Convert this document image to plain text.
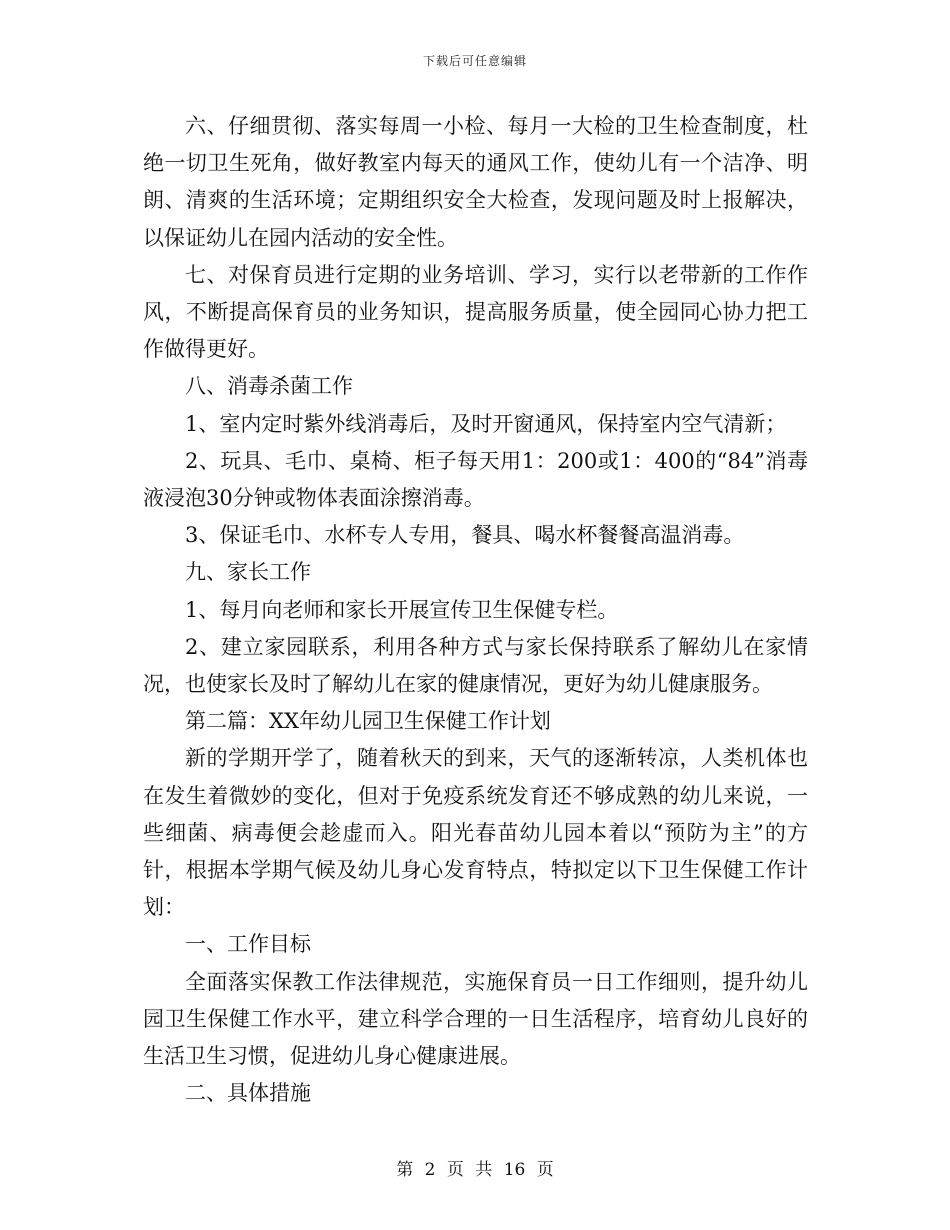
下载后可任意编辑

六、仔细贯彻、落实每周一小检、每月一大检的卫生检查制度，杜绝一切卫生死角，做好教室内每天的通风工作，使幼儿有一个洁净、明朗、清爽的生活环境；定期组织安全大检查，发现问题及时上报解决，以保证幼儿在园内活动的安全性。

七、对保育员进行定期的业务培训、学习，实行以老带新的工作作风，不断提高保育员的业务知识，提高服务质量，使全园同心协力把工作做得更好。

八、消毒杀菌工作

1、室内定时紫外线消毒后，及时开窗通风，保持室内空气清新；

2、玩具、毛巾、桌椅、柜子每天用1：200或1：400的“84”消毒液浸泡30分钟或物体表面涂擦消毒。

3、保证毛巾、水杯专人专用，餐具、喝水杯餐餐高温消毒。

九、家长工作

1、每月向老师和家长开展宣传卫生保健专栏。

2、建立家园联系，利用各种方式与家长保持联系了解幼儿在家情况，也使家长及时了解幼儿在家的健康情况，更好为幼儿健康服务。

第二篇：XX年幼儿园卫生保健工作计划

新的学期开学了，随着秋天的到来，天气的逐渐转凉，人类机体也在发生着微妙的变化，但对于免疫系统发育还不够成熟的幼儿来说，一些细菌、病毒便会趁虚而入。阳光春苗幼儿园本着以“预防为主”的方针，根据本学期气候及幼儿身心发育特点，特拟定以下卫生保健工作计划：

一、工作目标

全面落实保教工作法律规范，实施保育员一日工作细则，提升幼儿园卫生保健工作水平，建立科学合理的一日生活程序，培育幼儿良好的生活卫生习惯，促进幼儿身心健康进展。

二、具体措施

第 2 页 共 16 页
